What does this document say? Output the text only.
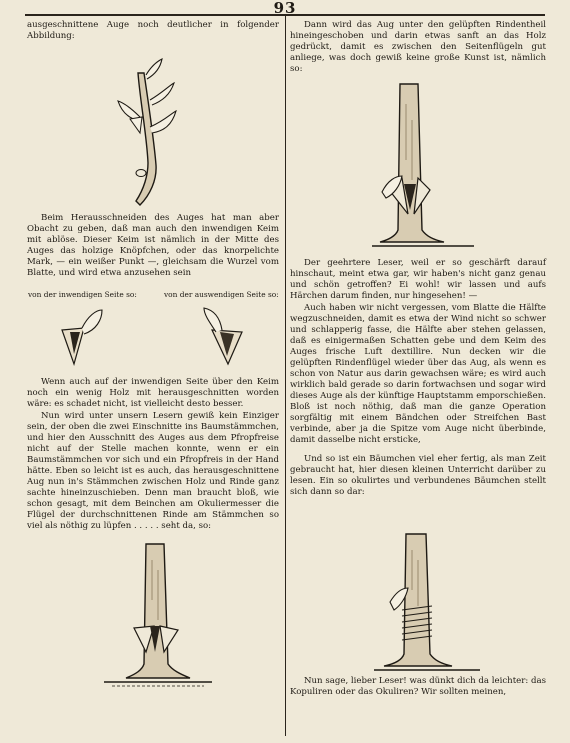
93

ausgeschnittene Auge noch deutlicher in folgender Abbildung:

Beim Herausschneiden des Auges hat man aber Obacht zu geben, daß man auch den inwendigen Keim mit ablöse. Dieser Keim ist nämlich in der Mitte des Auges das holzige Knöpfchen, oder das knorpelichte Mark, — ein weißer Punkt —, gleichsam die Wurzel vom Blatte, und wird etwa anzusehen sein

von der inwendigen Seite so:	von der auswendigen Seite so:

Wenn auch auf der inwendigen Seite über den Keim noch ein wenig Holz mit herausgeschnitten worden wäre: es schadet nicht, ist vielleicht desto besser.

Nun wird unter unsern Lesern gewiß kein Einziger sein, der oben die zwei Einschnitte ins Baumstämmchen, und hier den Ausschnitt des Auges aus dem Pfropfreise nicht auf der Stelle machen konnte, wenn er ein Baumstämmchen vor sich und ein Pfropfreis in der Hand hätte. Eben so leicht ist es auch, das herausgeschnittene Aug nun in's Stämmchen zwischen Holz und Rinde ganz sachte hineinzuschieben. Denn man braucht bloß, wie schon gesagt, mit dem Beinchen am Okuliermesser die Flügel der durchschnittenen Rinde am Stämmchen so viel als nöthig zu lüpfen . . . . . seht da, so:

Dann wird das Aug unter den gelüpften Rindentheil hineingeschoben und darin etwas sanft an das Holz gedrückt, damit es zwischen den Seitenflügeln gut anliege, was doch gewiß keine große Kunst ist, nämlich so:

Der geehrtere Leser, weil er so geschärft darauf hinschaut, meint etwa gar, wir haben's nicht ganz genau und schön getroffen? Ei wohl! wir lassen und aufs Härchen darum finden, nur hingesehen! —

Auch haben wir nicht vergessen, vom Blatte die Hälfte wegzuschneiden, damit es etwa der Wind nicht so schwer und schlapperig fasse, die Hälfte aber stehen gelassen, daß es einigermaßen Schatten gebe und dem Keim des Auges frische Luft dextillire. Nun decken wir die gelüpften Rindenflügel wieder über das Aug, als wenn es schon von Natur aus darin gewachsen wäre; es wird auch wirklich bald gerade so darin fortwachsen und sogar wird dieses Auge als der künftige Hauptstamm emporschießen. Bloß ist noch nöthig, daß man die ganze Operation sorgfältig mit einem Bändchen oder Streifchen Bast verbinde, aber ja die Spitze vom Auge nicht überbinde, damit dasselbe nicht ersticke,

Und so ist ein Bäumchen viel eher fertig, als man Zeit gebraucht hat, hier diesen kleinen Unterricht darüber zu lesen. Ein so okulirtes und verbundenes Bäumchen stellt sich dann so dar:

Nun sage, lieber Leser! was dünkt dich da leichter: das Kopuliren oder das Okuliren? Wir sollten meinen,
